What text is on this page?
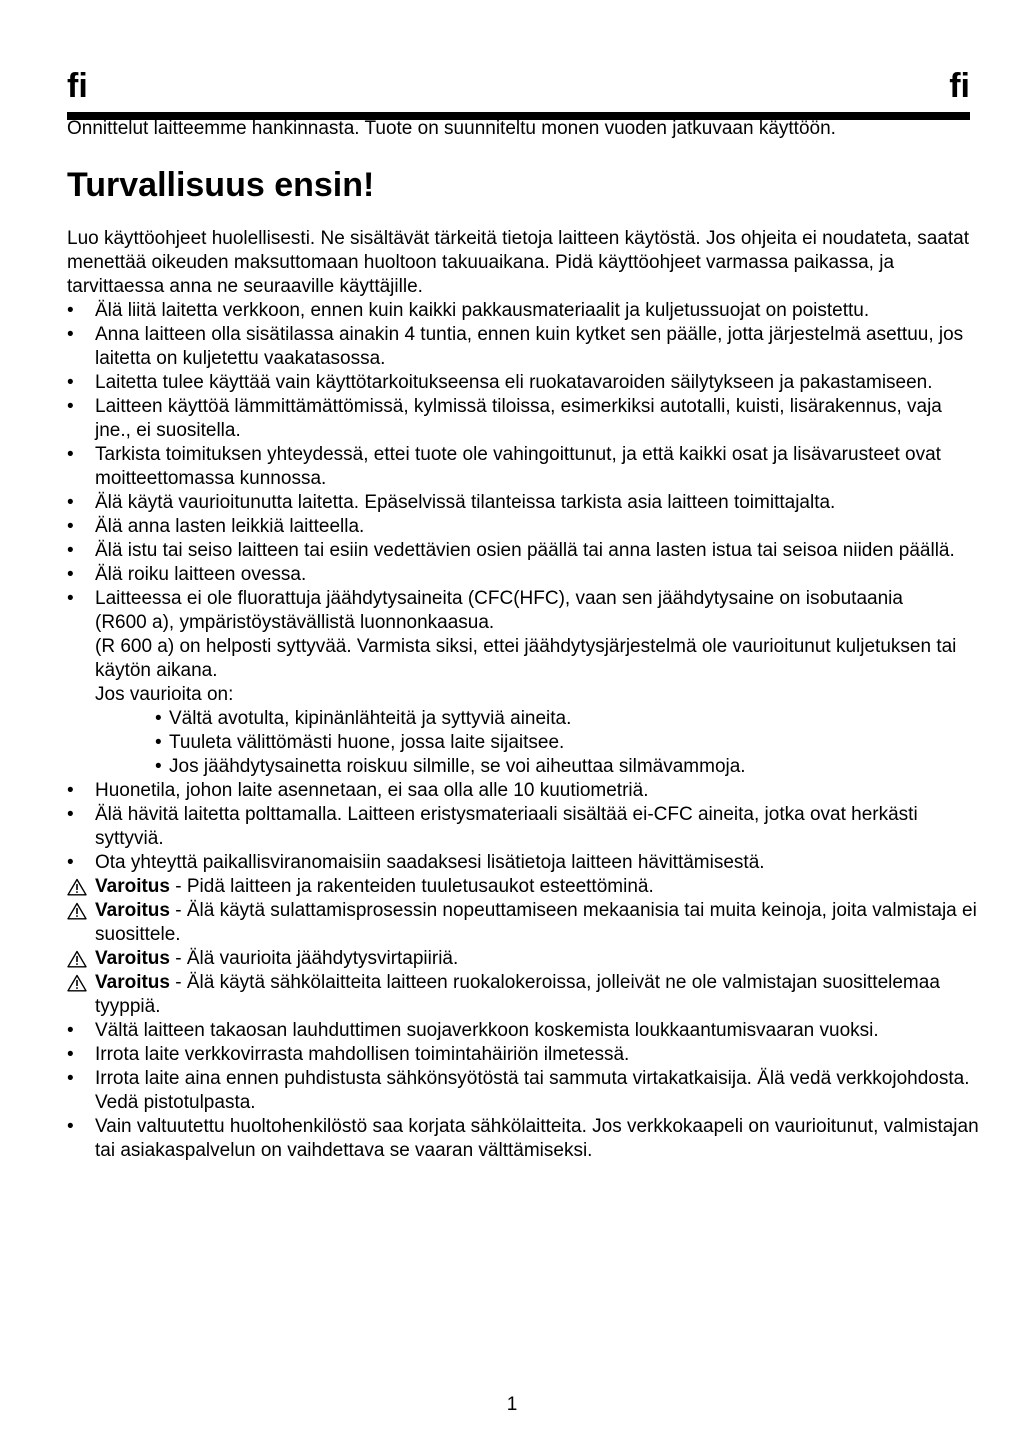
fi	fi

Onnittelut laitteemme hankinnasta. Tuote on suunniteltu monen vuoden jatkuvaan käyttöön.

Turvallisuus ensin!

Luo käyttöohjeet huolellisesti. Ne sisältävät tärkeitä tietoja laitteen käytöstä. Jos ohjeita ei noudateta, saatat menettää oikeuden maksuttomaan huoltoon takuuaikana. Pidä käyttöohjeet varmassa paikassa, ja tarvittaessa anna ne seuraaville käyttäjille.

• Älä liitä laitetta verkkoon, ennen kuin kaikki pakkausmateriaalit ja kuljetussuojat on poistettu.
• Anna laitteen olla sisätilassa ainakin 4 tuntia, ennen kuin kytket sen päälle, jotta järjestelmä asettuu, jos laitetta on kuljetettu vaakatasossa.
• Laitetta tulee käyttää vain käyttötarkoitukseensa eli ruokatavaroiden säilytykseen ja pakastamiseen.
• Laitteen käyttöä lämmittämättömissä, kylmissä tiloissa, esimerkiksi autotalli, kuisti, lisärakennus, vaja jne., ei suositella.
• Tarkista toimituksen yhteydessä, ettei tuote ole vahingoittunut, ja että kaikki osat ja lisävarusteet ovat moitteettomassa kunnossa.
• Älä käytä vaurioitunutta laitetta. Epäselvissä tilanteissa tarkista asia laitteen toimittajalta.
• Älä anna lasten leikkiä laitteella.
• Älä istu tai seiso laitteen tai esiin vedettävien osien päällä tai anna lasten istua tai seisoa niiden päällä.
• Älä roiku laitteen ovessa.
• Laitteessa ei ole fluorattuja jäähdytysaineita (CFC(HFC), vaan sen jäähdytysaine on isobutaania
(R600 a), ympäristöystävällistä luonnonkaasua.
(R 600 a) on helposti syttyvää. Varmista siksi, ettei jäähdytysjärjestelmä ole vaurioitunut kuljetuksen tai käytön aikana.
Jos vaurioita on:
• Vältä avotulta, kipinänlähteitä ja syttyviä aineita.
• Tuuleta välittömästi huone, jossa laite sijaitsee.
• Jos jäähdytysainetta roiskuu silmille, se voi aiheuttaa silmävammoja.
• Huonetila, johon laite asennetaan, ei saa olla alle 10 kuutiometriä.
• Älä hävitä laitetta polttamalla. Laitteen eristysmateriaali sisältää ei-CFC aineita, jotka ovat herkästi syttyviä.
• Ota yhteyttä paikallisviranomaisiin saadaksesi lisätietoja laitteen hävittämisestä.
Varoitus - Pidä laitteen ja rakenteiden tuuletusaukot esteettöminä.
Varoitus - Älä käytä sulattamisprosessin nopeuttamiseen mekaanisia tai muita keinoja, joita valmistaja ei suosittele.
Varoitus - Älä vaurioita jäähdytysvirtapiiriä.
Varoitus - Älä käytä sähkölaitteita laitteen ruokalokeroissa, jolleivät ne ole valmistajan suosittelemaa tyyppiä.
• Vältä laitteen takaosan lauhduttimen suojaverkkoon koskemista loukkaantumisvaaran vuoksi.
• Irrota laite verkkovirrasta mahdollisen toimintahäiriön ilmetessä.
• Irrota laite aina ennen puhdistusta sähkönsyötöstä tai sammuta virtakatkaisija. Älä vedä verkkojohdosta. Vedä pistotulpasta.
• Vain valtuutettu huoltohenkilöstö saa korjata sähkölaitteita. Jos verkkokaapeli on vaurioitunut, valmistajan tai asiakaspalvelun on vaihdettava se vaaran välttämiseksi.
1
